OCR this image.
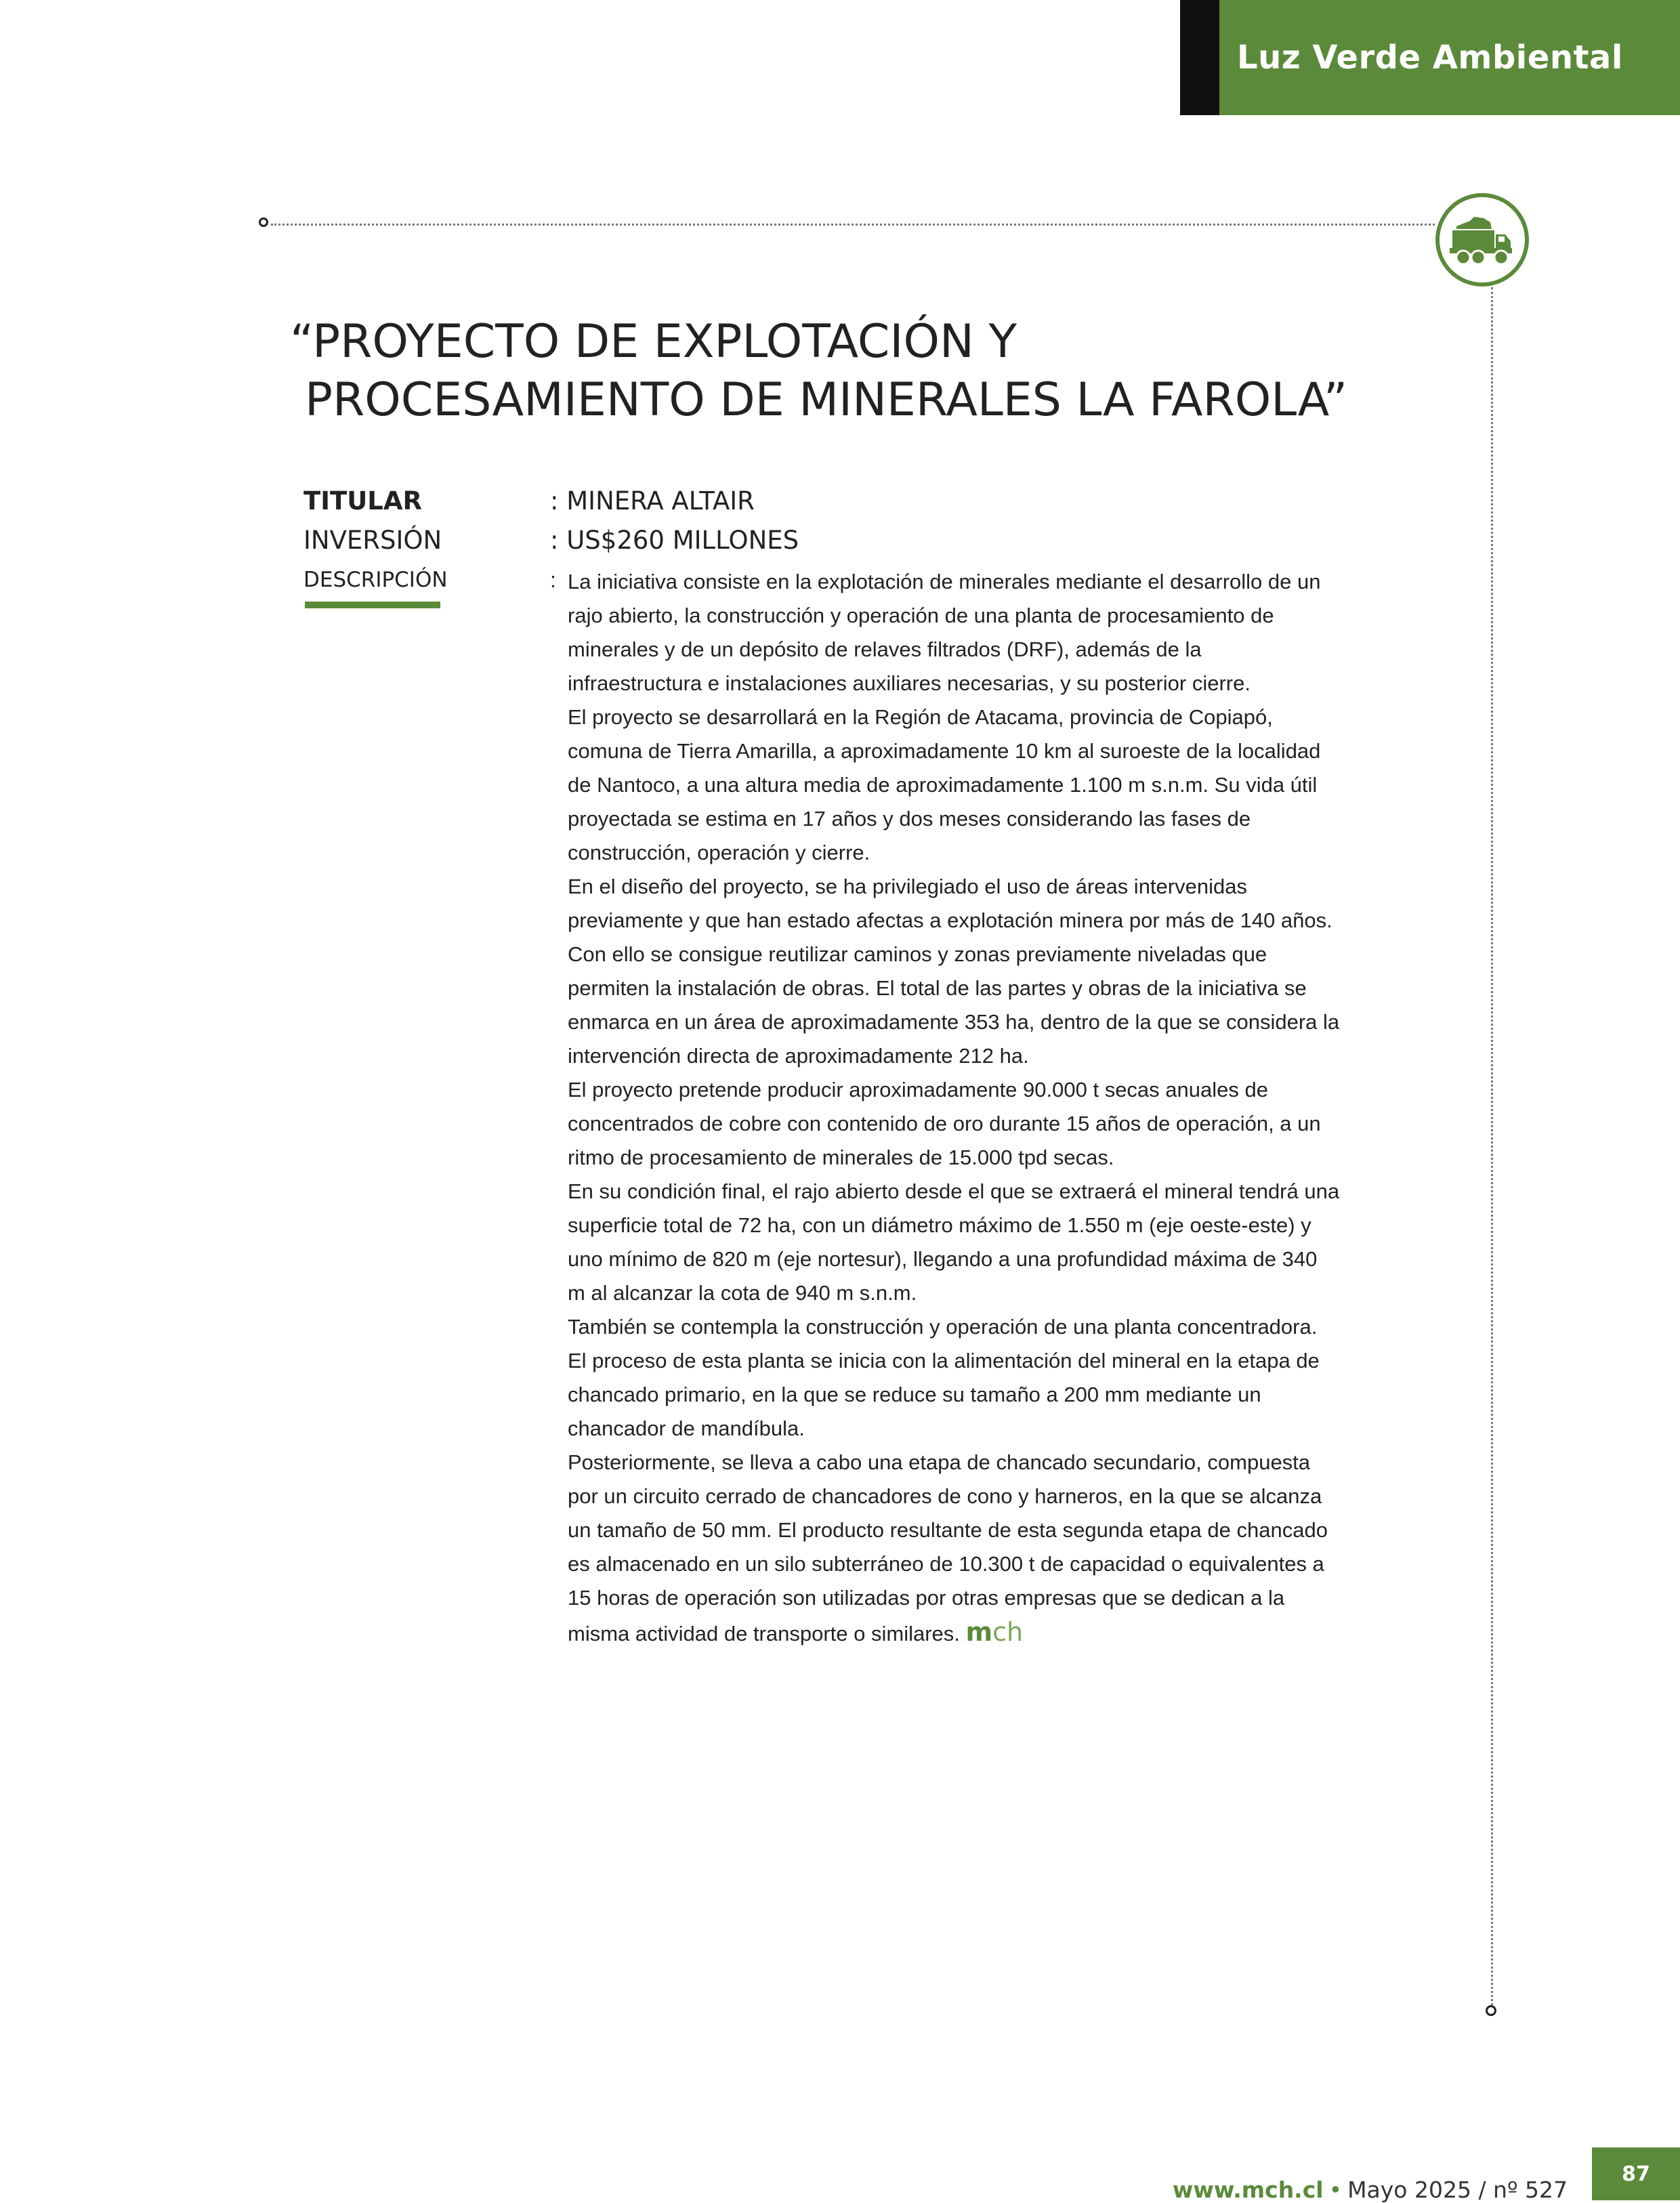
Luz Verde Ambiental
“PROYECTO DE EXPLOTACIÓN Y
PROCESAMIENTO DE MINERALES LA FAROLA”
TITULAR	: MINERA ALTAIR
INVERSIÓN	: US$260 MILLONES
DESCRIPCIÓN	: La iniciativa consiste en la explotación de minerales mediante el desarrollo de un rajo abierto, la construcción y operación de una planta de procesamiento de minerales y de un depósito de relaves filtrados (DRF), además de la infraestructura e instalaciones auxiliares necesarias, y su posterior cierre.

El proyecto se desarrollará en la Región de Atacama, provincia de Copiapó, comuna de Tierra Amarilla, a aproximadamente 10 km al suroeste de la localidad de Nantoco, a una altura media de aproximadamente 1.100 m s.n.m. Su vida útil proyectada se estima en 17 años y dos meses considerando las fases de construcción, operación y cierre.

En el diseño del proyecto, se ha privilegiado el uso de áreas intervenidas previamente y que han estado afectas a explotación minera por más de 140 años. Con ello se consigue reutilizar caminos y zonas previamente niveladas que permiten la instalación de obras. El total de las partes y obras de la iniciativa se enmarca en un área de aproximadamente 353 ha, dentro de la que se considera la intervención directa de aproximadamente 212 ha.

El proyecto pretende producir aproximadamente 90.000 t secas anuales de concentrados de cobre con contenido de oro durante 15 años de operación, a un ritmo de procesamiento de minerales de 15.000 tpd secas.

En su condición final, el rajo abierto desde el que se extraerá el mineral tendrá una superficie total de 72 ha, con un diámetro máximo de 1.550 m (eje oeste-este) y uno mínimo de 820 m (eje nortesur), llegando a una profundidad máxima de 340 m al alcanzar la cota de 940 m s.n.m.

También se contempla la construcción y operación de una planta concentradora. El proceso de esta planta se inicia con la alimentación del mineral en la etapa de chancado primario, en la que se reduce su tamaño a 200 mm mediante un chancador de mandíbula.

Posteriormente, se lleva a cabo una etapa de chancado secundario, compuesta por un circuito cerrado de chancadores de cono y harneros, en la que se alcanza un tamaño de 50 mm. El producto resultante de esta segunda etapa de chancado es almacenado en un silo subterráneo de 10.300 t de capacidad o equivalentes a 15 horas de operación son utilizadas por otras empresas que se dedican a la misma actividad de transporte o similares. mch

www.mch.cl • Mayo 2025 / nº 527
87
